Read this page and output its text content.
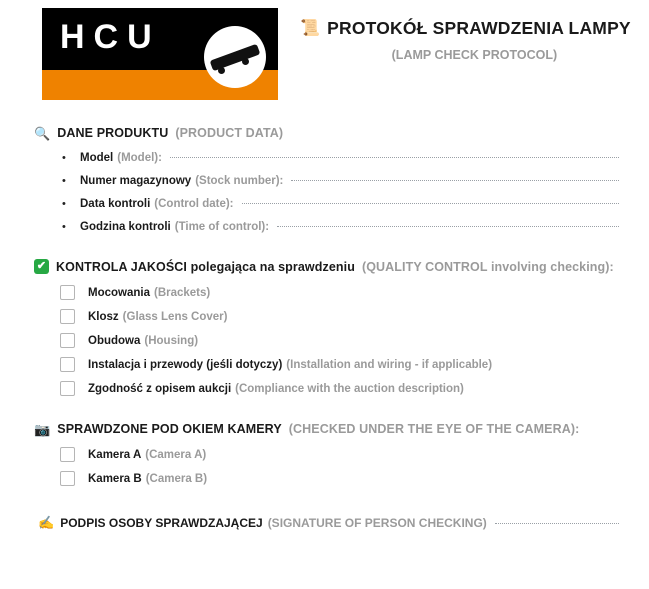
HCU	📜 PROTOKÓŁ SPRAWDZENIA LAMPY
(LAMP CHECK PROTOCOL)
🔍 DANE PRODUKTU (PRODUCT DATA)
•	Model (Model):
•	Numer magazynowy (Stock number):
•	Data kontroli (Control date):
•	Godzina kontroli (Time of control):
✔ KONTROLA JAKOŚCI polegająca na sprawdzeniu (QUALITY CONTROL involving checking):
Mocowania (Brackets)
Klosz (Glass Lens Cover)
Obudowa (Housing)
Instalacja i przewody (jeśli dotyczy) (Installation and wiring - if applicable)
Zgodność z opisem aukcji (Compliance with the auction description)
📷 SPRAWDZONE POD OKIEM KAMERY (CHECKED UNDER THE EYE OF THE CAMERA):
Kamera A (Camera A)
Kamera B (Camera B)
✍ PODPIS OSOBY SPRAWDZAJĄCEJ (SIGNATURE OF PERSON CHECKING)
